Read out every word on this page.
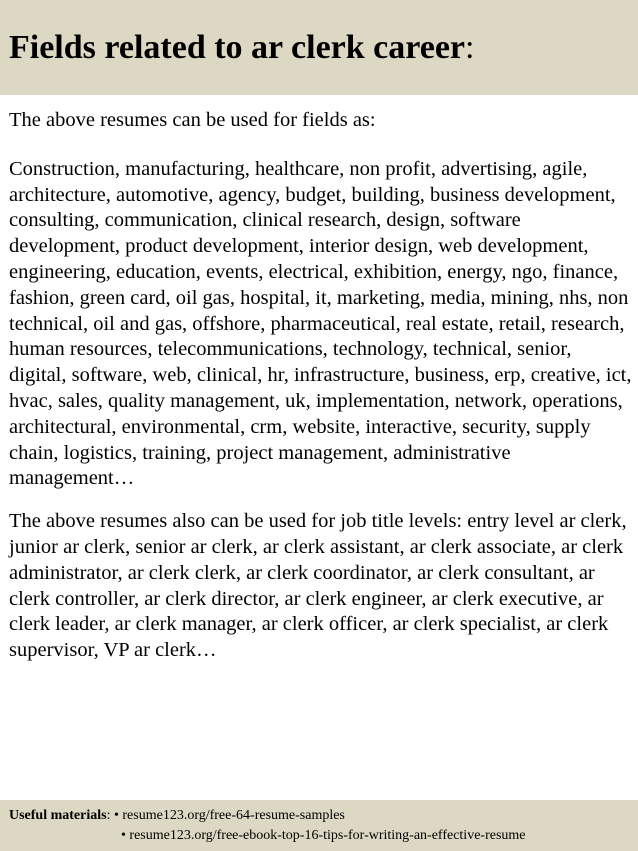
Fields related to ar clerk career:

The above resumes can be used for fields as:

Construction, manufacturing, healthcare, non profit, advertising, agile, architecture, automotive, agency, budget, building, business development, consulting, communication, clinical research, design, software development, product development, interior design, web development, engineering, education, events, electrical, exhibition, energy, ngo, finance, fashion, green card, oil gas, hospital, it, marketing, media, mining, nhs, non technical, oil and gas, offshore, pharmaceutical, real estate, retail, research, human resources, telecommunications, technology, technical, senior, digital, software, web, clinical, hr, infrastructure, business, erp, creative, ict, hvac, sales, quality management, uk, implementation, network, operations, architectural, environmental, crm, website, interactive, security, supply chain, logistics, training, project management, administrative management…

The above resumes also can be used for job title levels: entry level ar clerk, junior ar clerk, senior ar clerk, ar clerk assistant, ar clerk associate, ar clerk administrator, ar clerk clerk, ar clerk coordinator, ar clerk consultant, ar clerk controller, ar clerk director, ar clerk engineer, ar clerk executive, ar clerk leader, ar clerk manager, ar clerk officer, ar clerk specialist, ar clerk supervisor, VP ar clerk…

Useful materials: • resume123.org/free-64-resume-samples
• resume123.org/free-ebook-top-16-tips-for-writing-an-effective-resume
